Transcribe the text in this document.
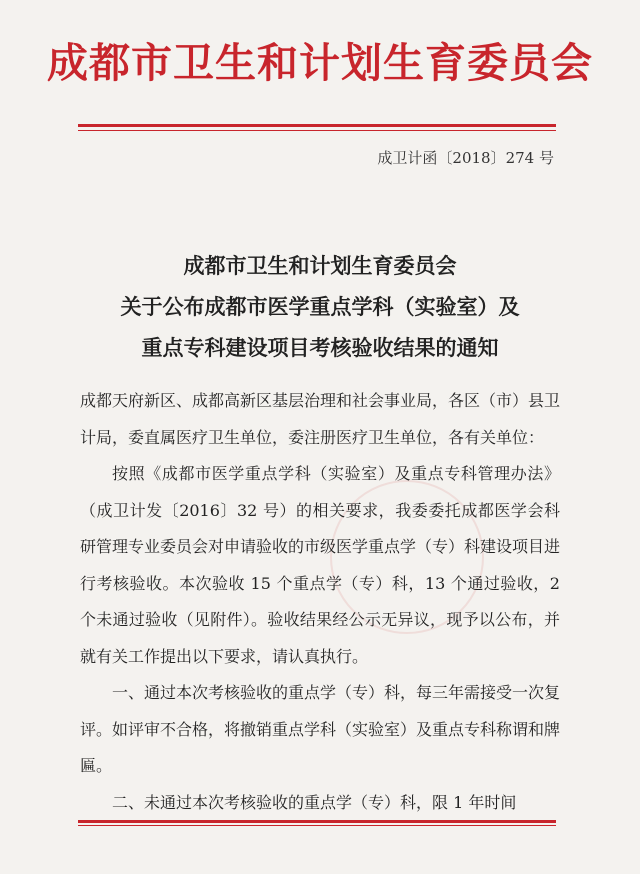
成都市卫生和计划生育委员会
成卫计函〔2018〕274 号
成都市卫生和计划生育委员会
关于公布成都市医学重点学科（实验室）及
重点专科建设项目考核验收结果的通知

成都天府新区、成都高新区基层治理和社会事业局，各区（市）县卫计局，委直属医疗卫生单位，委注册医疗卫生单位，各有关单位：

按照《成都市医学重点学科（实验室）及重点专科管理办法》（成卫计发〔2016〕32 号）的相关要求，我委委托成都医学会科研管理专业委员会对申请验收的市级医学重点学（专）科建设项目进行考核验收。本次验收 15 个重点学（专）科，13 个通过验收，2 个未通过验收（见附件）。验收结果经公示无异议，现予以公布，并就有关工作提出以下要求，请认真执行。

一、通过本次考核验收的重点学（专）科，每三年需接受一次复评。如评审不合格，将撤销重点学科（实验室）及重点专科称谓和牌匾。

二、未通过本次考核验收的重点学（专）科，限 1 年时间
